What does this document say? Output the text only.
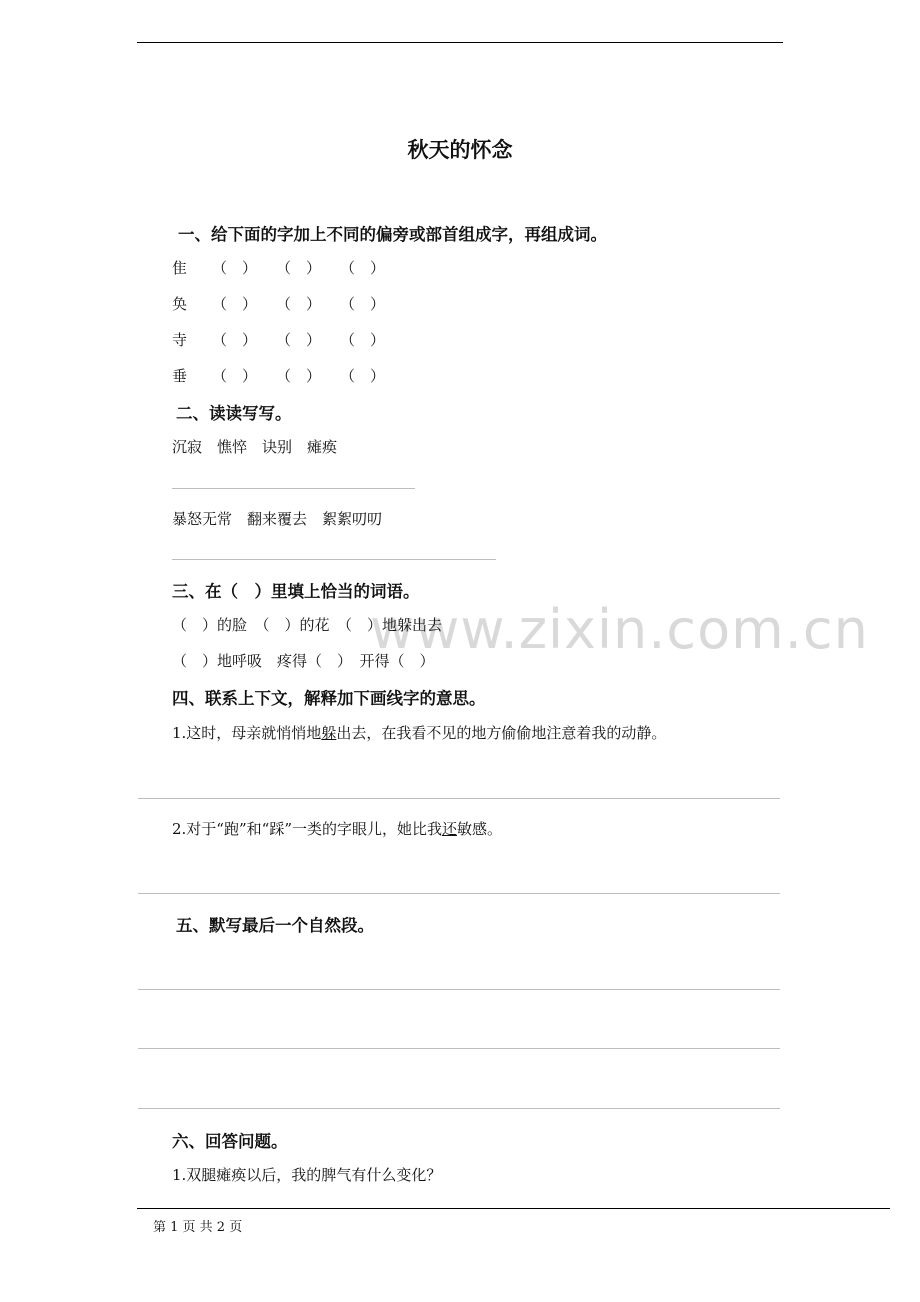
www.zixin.com.cn
秋天的怀念
一、给下面的字加上不同的偏旁或部首组成字，再组成词。
隹 （　） （　） （　）
奂 （　） （　） （　）
寺 （　） （　） （　）
垂 （　） （　） （　）
二、读读写写。
沉寂　憔悴　诀别　瘫痪
暴怒无常　翻来覆去　絮絮叨叨
三、在（　）里填上恰当的词语。
（　）的脸　（　）的花　（　）地躲出去
（　）地呼吸　疼得（　）　开得（　）
四、联系上下文，解释加下画线字的意思。
1.这时，母亲就悄悄地躲出去，在我看不见的地方偷偷地注意着我的动静。
2.对于“跑”和“踩”一类的字眼儿，她比我还敏感。
五、默写最后一个自然段。
六、回答问题。
1.双腿瘫痪以后，我的脾气有什么变化？
第 1 页 共 2 页
